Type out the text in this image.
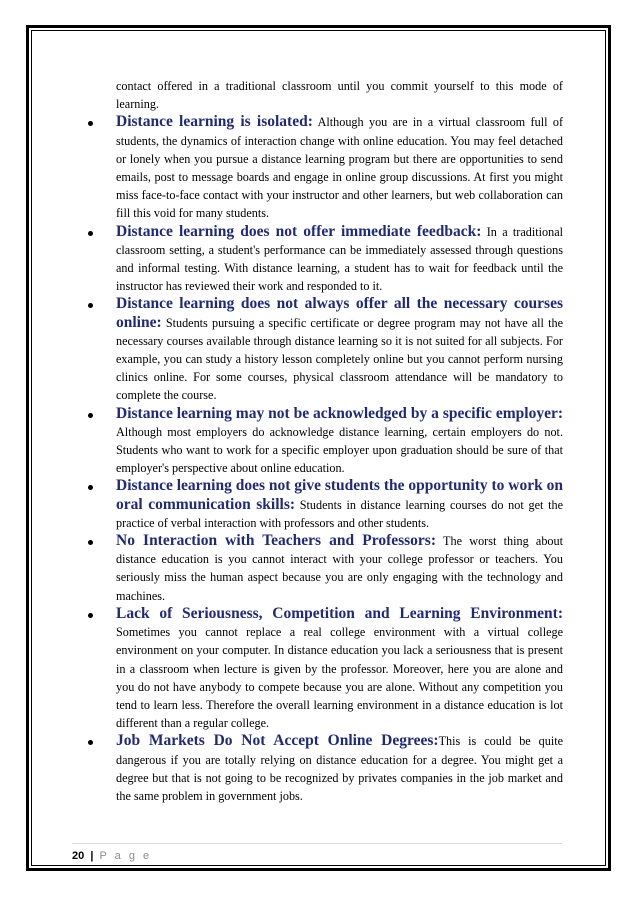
contact offered in a traditional classroom until you commit yourself to this mode of learning.

Distance learning is isolated: Although you are in a virtual classroom full of students, the dynamics of interaction change with online education. You may feel detached or lonely when you pursue a distance learning program but there are opportunities to send emails, post to message boards and engage in online group discussions. At first you might miss face-to-face contact with your instructor and other learners, but web collaboration can fill this void for many students.
Distance learning does not offer immediate feedback: In a traditional classroom setting, a student's performance can be immediately assessed through questions and informal testing. With distance learning, a student has to wait for feedback until the instructor has reviewed their work and responded to it.
Distance learning does not always offer all the necessary courses online: Students pursuing a specific certificate or degree program may not have all the necessary courses available through distance learning so it is not suited for all subjects. For example, you can study a history lesson completely online but you cannot perform nursing clinics online. For some courses, physical classroom attendance will be mandatory to complete the course.
Distance learning may not be acknowledged by a specific employer: Although most employers do acknowledge distance learning, certain employers do not. Students who want to work for a specific employer upon graduation should be sure of that employer's perspective about online education.
Distance learning does not give students the opportunity to work on oral communication skills: Students in distance learning courses do not get the practice of verbal interaction with professors and other students.
No Interaction with Teachers and Professors: The worst thing about distance education is you cannot interact with your college professor or teachers. You seriously miss the human aspect because you are only engaging with the technology and machines.
Lack of Seriousness, Competition and Learning Environment: Sometimes you cannot replace a real college environment with a virtual college environment on your computer. In distance education you lack a seriousness that is present in a classroom when lecture is given by the professor. Moreover, here you are alone and you do not have anybody to compete because you are alone. Without any competition you tend to learn less. Therefore the overall learning environment in a distance education is lot different than a regular college.
Job Markets Do Not Accept Online Degrees:This is could be quite dangerous if you are totally relying on distance education for a degree. You might get a degree but that is not going to be recognized by privates companies in the job market and the same problem in government jobs.
20 | P a g e
